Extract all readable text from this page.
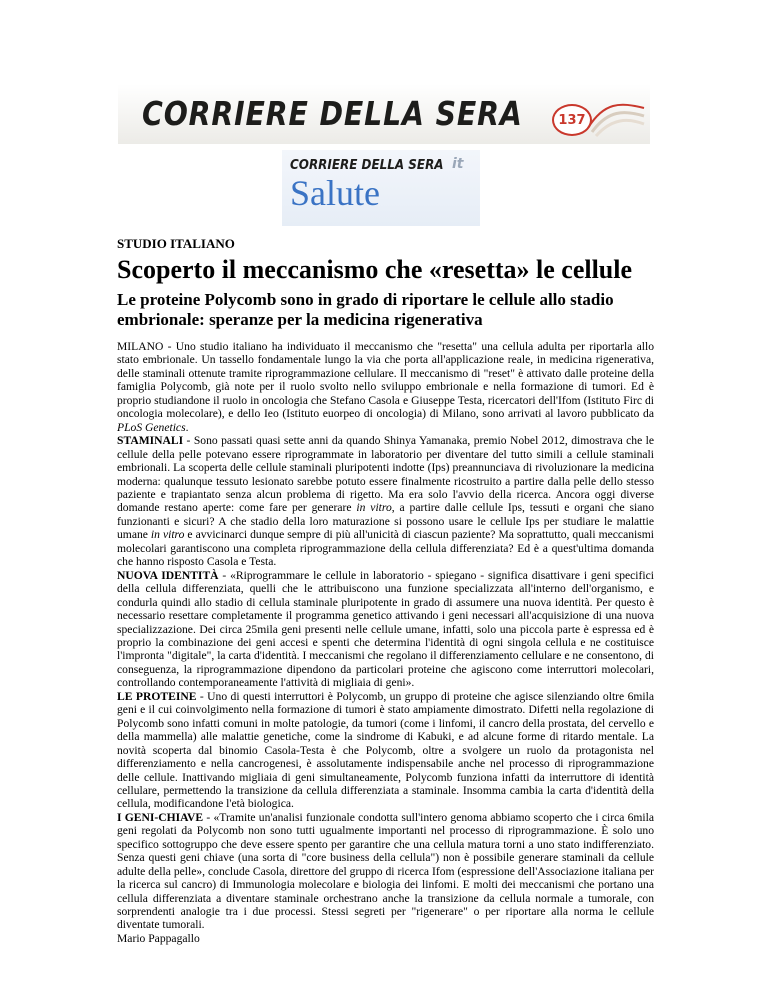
CORRIERE DELLA SERA	137
CORRIERE DELLA SERA it
Salute
STUDIO ITALIANO
Scoperto il meccanismo che «resetta» le cellule
Le proteine Polycomb sono in grado di riportare le cellule allo stadio embrionale: speranze per la medicina rigenerativa

MILANO - Uno studio italiano ha individuato il meccanismo che "resetta" una cellula adulta per riportarla allo stato embrionale. Un tassello fondamentale lungo la via che porta all'applicazione reale, in medicina rigenerativa, delle staminali ottenute tramite riprogrammazione cellulare. Il meccanismo di "reset" è attivato dalle proteine della famiglia Polycomb, già note per il ruolo svolto nello sviluppo embrionale e nella formazione di tumori. Ed è proprio studiandone il ruolo in oncologia che Stefano Casola e Giuseppe Testa, ricercatori dell'Ifom (Istituto Firc di oncologia molecolare), e dello Ieo (Istituto euorpeo di oncologia) di Milano, sono arrivati al lavoro pubblicato da PLoS Genetics.

STAMINALI - Sono passati quasi sette anni da quando Shinya Yamanaka, premio Nobel 2012, dimostrava che le cellule della pelle potevano essere riprogrammate in laboratorio per diventare del tutto simili a cellule staminali embrionali. La scoperta delle cellule staminali pluripotenti indotte (Ips) preannunciava di rivoluzionare la medicina moderna: qualunque tessuto lesionato sarebbe potuto essere finalmente ricostruito a partire dalla pelle dello stesso paziente e trapiantato senza alcun problema di rigetto. Ma era solo l'avvio della ricerca. Ancora oggi diverse domande restano aperte: come fare per generare in vitro, a partire dalle cellule Ips, tessuti e organi che siano funzionanti e sicuri? A che stadio della loro maturazione si possono usare le cellule Ips per studiare le malattie umane in vitro e avvicinarci dunque sempre di più all'unicità di ciascun paziente? Ma soprattutto, quali meccanismi molecolari garantiscono una completa riprogrammazione della cellula differenziata? Ed è a quest'ultima domanda che hanno risposto Casola e Testa.

NUOVA IDENTITÀ - «Riprogrammare le cellule in laboratorio - spiegano - significa disattivare i geni specifici della cellula differenziata, quelli che le attribuiscono una funzione specializzata all'interno dell'organismo, e condurla quindi allo stadio di cellula staminale pluripotente in grado di assumere una nuova identità. Per questo è necessario resettare completamente il programma genetico attivando i geni necessari all'acquisizione di una nuova specializzazione. Dei circa 25mila geni presenti nelle cellule umane, infatti, solo una piccola parte è espressa ed è proprio la combinazione dei geni accesi e spenti che determina l'identità di ogni singola cellula e ne costituisce l'impronta "digitale", la carta d'identità. I meccanismi che regolano il differenziamento cellulare e ne consentono, di conseguenza, la riprogrammazione dipendono da particolari proteine che agiscono come interruttori molecolari, controllando contemporaneamente l'attività di migliaia di geni».

LE PROTEINE - Uno di questi interruttori è Polycomb, un gruppo di proteine che agisce silenziando oltre 6mila geni e il cui coinvolgimento nella formazione di tumori è stato ampiamente dimostrato. Difetti nella regolazione di Polycomb sono infatti comuni in molte patologie, da tumori (come i linfomi, il cancro della prostata, del cervello e della mammella) alle malattie genetiche, come la sindrome di Kabuki, e ad alcune forme di ritardo mentale. La novità scoperta dal binomio Casola-Testa è che Polycomb, oltre a svolgere un ruolo da protagonista nel differenziamento e nella cancrogenesi, è assolutamente indispensabile anche nel processo di riprogrammazione delle cellule. Inattivando migliaia di geni simultaneamente, Polycomb funziona infatti da interruttore di identità cellulare, permettendo la transizione da cellula differenziata a staminale. Insomma cambia la carta d'identità della cellula, modificandone l'età biologica.

I GENI-CHIAVE - «Tramite un'analisi funzionale condotta sull'intero genoma abbiamo scoperto che i circa 6mila geni regolati da Polycomb non sono tutti ugualmente importanti nel processo di riprogrammazione. È solo uno specifico sottogruppo che deve essere spento per garantire che una cellula matura torni a uno stato indifferenziato. Senza questi geni chiave (una sorta di "core business della cellula") non è possibile generare staminali da cellule adulte della pelle», conclude Casola, direttore del gruppo di ricerca Ifom (espressione dell'Associazione italiana per la ricerca sul cancro) di Immunologia molecolare e biologia dei linfomi. E molti dei meccanismi che portano una cellula differenziata a diventare staminale orchestrano anche la transizione da cellula normale a tumorale, con sorprendenti analogie tra i due processi. Stessi segreti per "rigenerare" o per riportare alla norma le cellule diventate tumorali.

Mario Pappagallo
